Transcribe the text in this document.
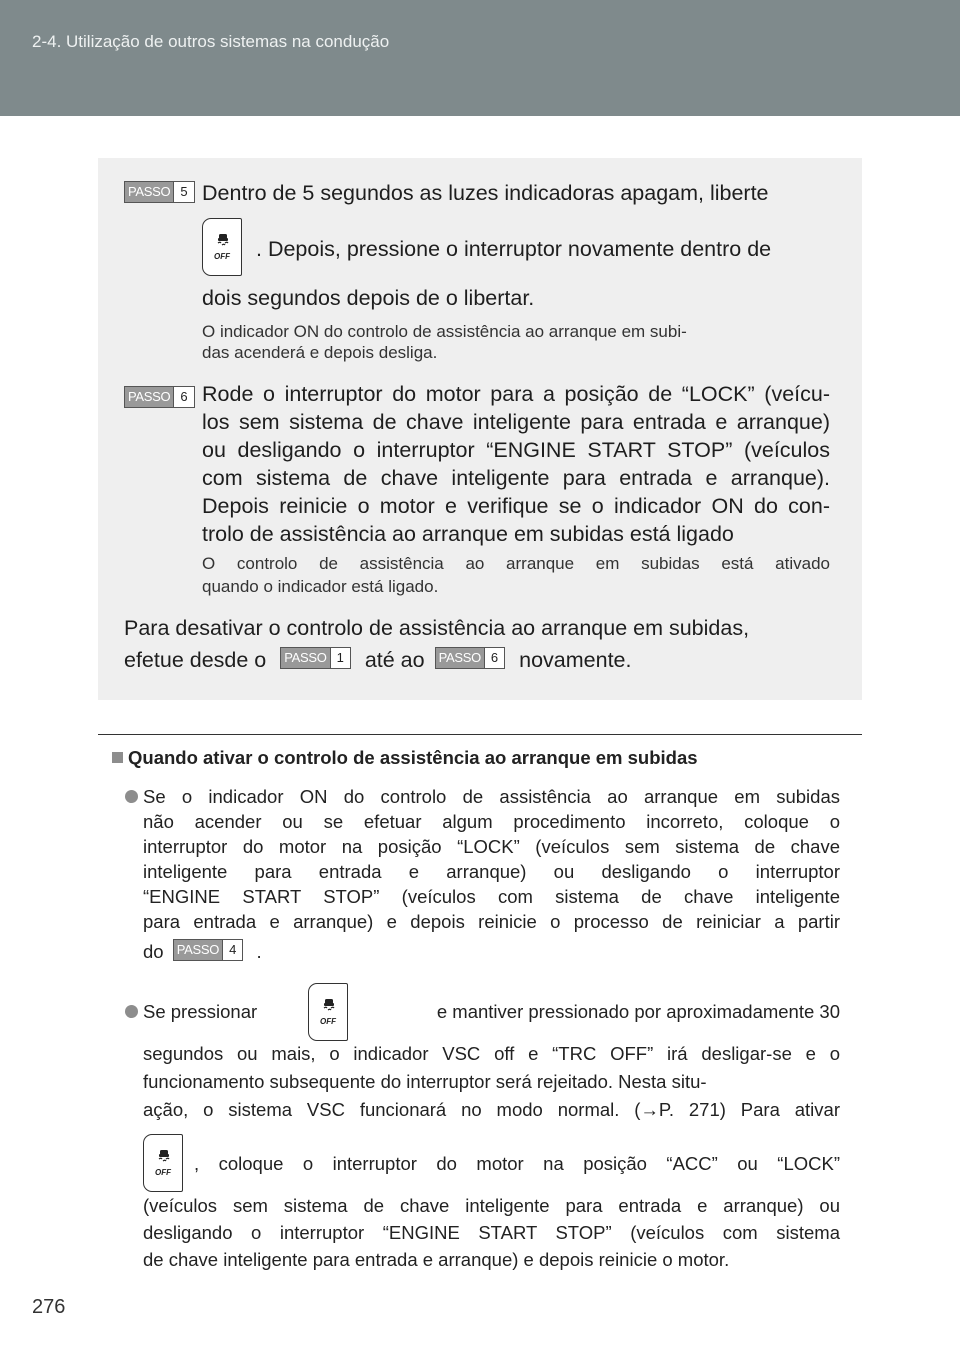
2-4. Utilização de outros sistemas na condução
PASSO 5 Dentro de 5 segundos as luzes indicadoras apagam, liberte
OFF	. Depois, pressione o interruptor novamente dentro de
dois segundos depois de o libertar.
O indicador ON do controlo de assistência ao arranque em subi-
das acenderá e depois desliga.
PASSO 6 Rode o interruptor do motor para a posição de “LOCK” (veícu-
los sem sistema de chave inteligente para entrada e arranque)
ou desligando o interruptor “ENGINE START STOP” (veículos
com sistema de chave inteligente para entrada e arranque).
Depois reinicie o motor e verifique se o indicador ON do con-
trolo de assistência ao arranque em subidas está ligado
O controlo de assistência ao arranque em subidas está ativado
quando o indicador está ligado.
Para desativar o controlo de assistência ao arranque em subidas,
efetue desde o PASSO 1 até ao PASSO 6 novamente.
Quando ativar o controlo de assistência ao arranque em subidas
Se o indicador ON do controlo de assistência ao arranque em subidas
não acender ou se efetuar algum procedimento incorreto, coloque o
interruptor do motor na posição “LOCK” (veículos sem sistema de chave
inteligente para entrada e arranque) ou desligando o interruptor
“ENGINE START STOP” (veículos com sistema de chave inteligente
para entrada e arranque) e depois reinicie o processo de reiniciar a partir
do PASSO 4	.
Se pressionar	OFF	e mantiver pressionado por aproximadamente 30
segundos ou mais, o indicador VSC off e “TRC OFF” irá desligar-se e o
funcionamento subsequente do interruptor será rejeitado. Nesta situ-
ação, o sistema VSC funcionará no modo normal. (→P. 271) Para ativar
OFF	, coloque o interruptor do motor na posição “ACC” ou “LOCK”
(veículos sem sistema de chave inteligente para entrada e arranque) ou
desligando o interruptor “ENGINE START STOP” (veículos com sistema
de chave inteligente para entrada e arranque) e depois reinicie o motor.
276
